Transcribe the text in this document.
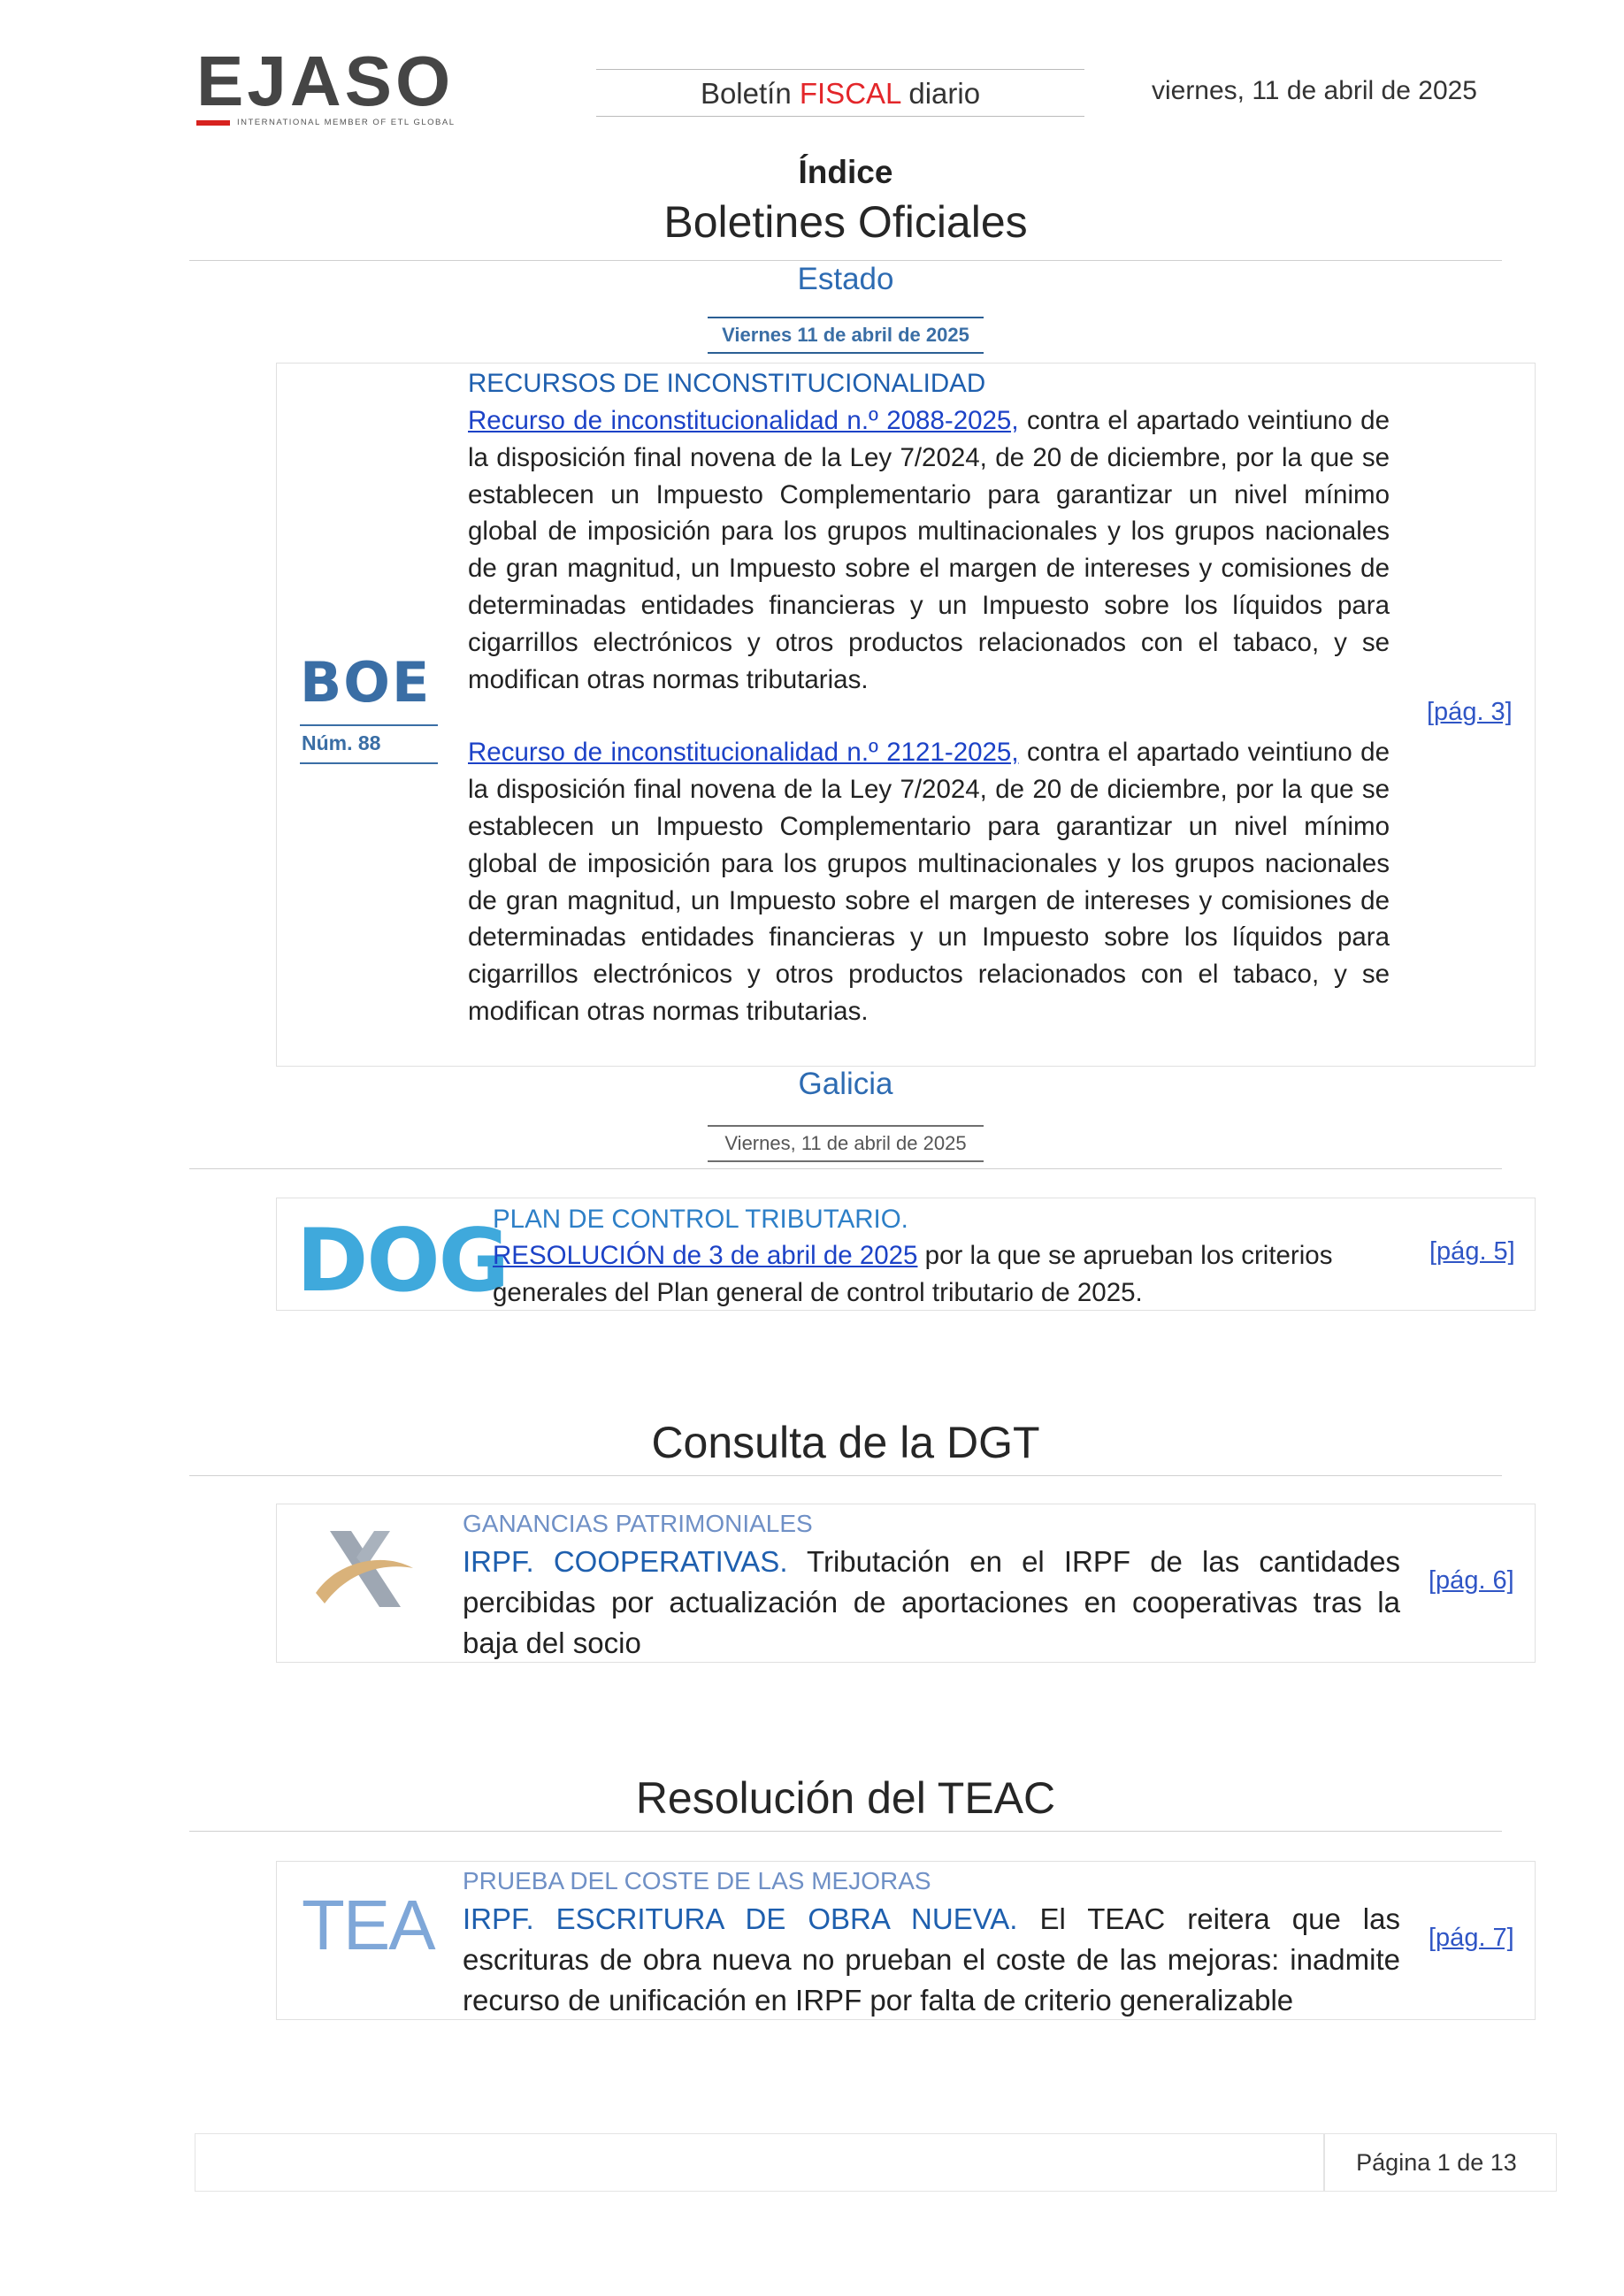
EJASO
INTERNATIONAL MEMBER OF ETL GLOBAL
Boletín FISCAL diario	viernes, 11 de abril de 2025
Índice
Boletines Oficiales
Estado
Viernes 11 de abril de 2025
BOE
Núm. 88
RECURSOS DE INCONSTITUCIONALIDAD
Recurso de inconstitucionalidad n.º 2088-2025, contra el apartado veintiuno de la disposición final novena de la Ley 7/2024, de 20 de diciembre, por la que se establecen un Impuesto Complementario para garantizar un nivel mínimo global de imposición para los grupos multinacionales y los grupos nacionales de gran magnitud, un Impuesto sobre el margen de intereses y comisiones de determinadas entidades financieras y un Impuesto sobre los líquidos para cigarrillos electrónicos y otros productos relacionados con el tabaco, y se modifican otras normas tributarias.
Recurso de inconstitucionalidad n.º 2121-2025, contra el apartado veintiuno de la disposición final novena de la Ley 7/2024, de 20 de diciembre, por la que se establecen un Impuesto Complementario para garantizar un nivel mínimo global de imposición para los grupos multinacionales y los grupos nacionales de gran magnitud, un Impuesto sobre el margen de intereses y comisiones de determinadas entidades financieras y un Impuesto sobre los líquidos para cigarrillos electrónicos y otros productos relacionados con el tabaco, y se modifican otras normas tributarias.
[pág. 3]
Galicia
Viernes, 11 de abril de 2025
DOG
PLAN DE CONTROL TRIBUTARIO.
RESOLUCIÓN de 3 de abril de 2025 por la que se aprueban los criterios generales del Plan general de control tributario de 2025.
[pág. 5]
Consulta de la DGT
GANANCIAS PATRIMONIALES
IRPF. COOPERATIVAS. Tributación en el IRPF de las cantidades percibidas por actualización de aportaciones en cooperativas tras la baja del socio
[pág. 6]
Resolución del TEAC
TEA
PRUEBA DEL COSTE DE LAS MEJORAS
IRPF. ESCRITURA DE OBRA NUEVA. El TEAC reitera que las escrituras de obra nueva no prueban el coste de las mejoras: inadmite recurso de unificación en IRPF por falta de criterio generalizable
[pág. 7]
Página 1 de 13
